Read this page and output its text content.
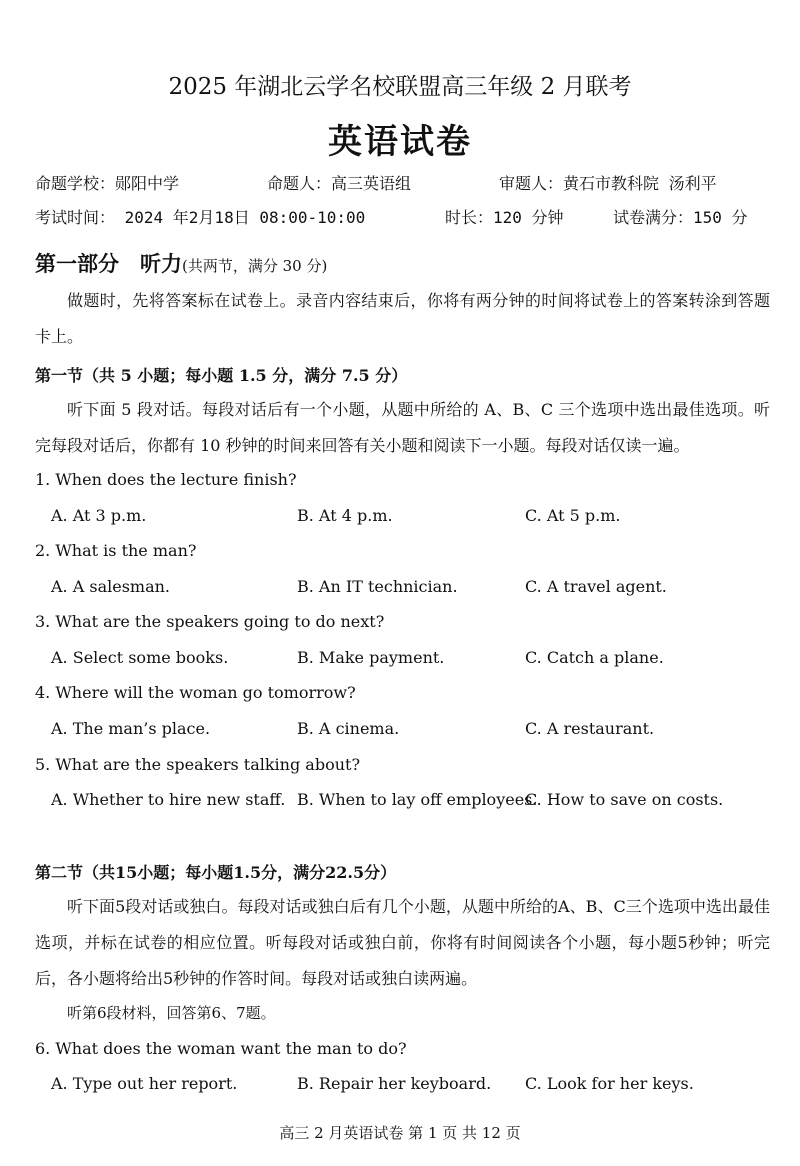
2025 年湖北云学名校联盟高三年级 2 月联考
英语试卷
命题学校：郧阳中学	命题人：高三英语组	审题人：黄石市教科院 汤利平
考试时间： 2024 年2月18日 08:00-10:00	时长：120 分钟	试卷满分：150 分
第一部分　听力(共两节，满分 30 分)
做题时，先将答案标在试卷上。录音内容结束后，你将有两分钟的时间将试卷上的答案转涂到答题卡上。
第一节（共 5 小题；每小题 1.5 分，满分 7.5 分）
听下面 5 段对话。每段对话后有一个小题，从题中所给的 A、B、C 三个选项中选出最佳选项。听完每段对话后，你都有 10 秒钟的时间来回答有关小题和阅读下一小题。每段对话仅读一遍。
1. When does the lecture finish?
A. At 3 p.m.	B. At 4 p.m.	C. At 5 p.m.
2. What is the man?
A. A salesman.	B. An IT technician.	C. A travel agent.
3. What are the speakers going to do next?
A. Select some books.	B. Make payment.	C. Catch a plane.
4. Where will the woman go tomorrow?
A. The man’s place.	B. A cinema.	C. A restaurant.
5. What are the speakers talking about?
A. Whether to hire new staff. B. When to lay off employees.
C. How to save on costs.
第二节（共15小题；每小题1.5分，满分22.5分）
听下面5段对话或独白。每段对话或独白后有几个小题，从题中所给的A、B、C三个选项中选出最佳选项，并标在试卷的相应位置。听每段对话或独白前，你将有时间阅读各个小题，每小题5秒钟；听完后，各小题将给出5秒钟的作答时间。每段对话或独白读两遍。
听第6段材料，回答第6、7题。
6. What does the woman want the man to do?
A. Type out her report.	B. Repair her keyboard. C. Look for her keys.
高三 2 月英语试卷 第 1 页 共 12 页
